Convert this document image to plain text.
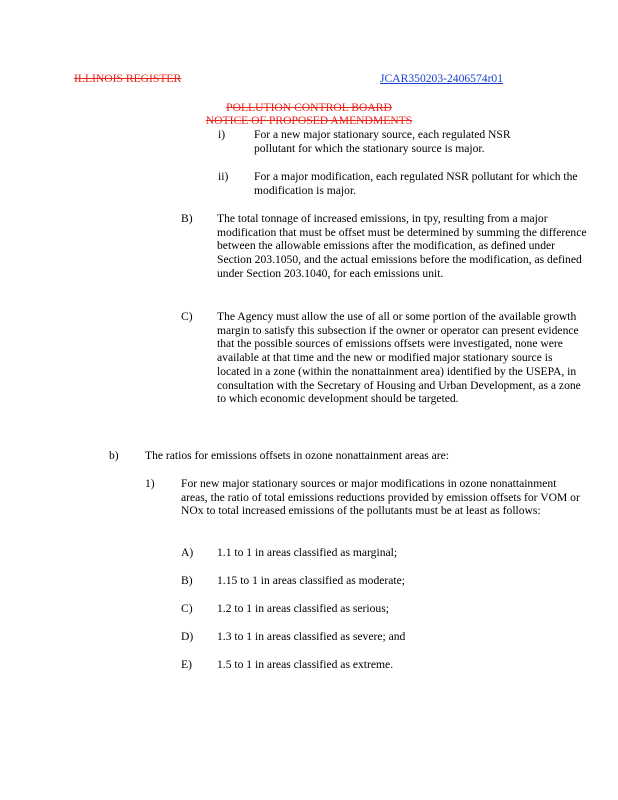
ILLINOIS REGISTER	JCAR350203-2406574r01
POLLUTION CONTROL BOARD
NOTICE OF PROPOSED AMENDMENTS
i) For a new major stationary source, each regulated NSR pollutant for which the stationary source is major.
ii) For a major modification, each regulated NSR pollutant for which the modification is major.
B) The total tonnage of increased emissions, in tpy, resulting from a major modification that must be offset must be determined by summing the difference between the allowable emissions after the modification, as defined under Section 203.1050, and the actual emissions before the modification, as defined under Section 203.1040, for each emissions unit.
C) The Agency must allow the use of all or some portion of the available growth margin to satisfy this subsection if the owner or operator can present evidence that the possible sources of emissions offsets were investigated, none were available at that time and the new or modified major stationary source is located in a zone (within the nonattainment area) identified by the USEPA, in consultation with the Secretary of Housing and Urban Development, as a zone to which economic development should be targeted.
b) The ratios for emissions offsets in ozone nonattainment areas are:
1) For new major stationary sources or major modifications in ozone nonattainment areas, the ratio of total emissions reductions provided by emission offsets for VOM or NOx to total increased emissions of the pollutants must be at least as follows:
A) 1.1 to 1 in areas classified as marginal;
B) 1.15 to 1 in areas classified as moderate;
C) 1.2 to 1 in areas classified as serious;
D) 1.3 to 1 in areas classified as severe; and
E) 1.5 to 1 in areas classified as extreme.
